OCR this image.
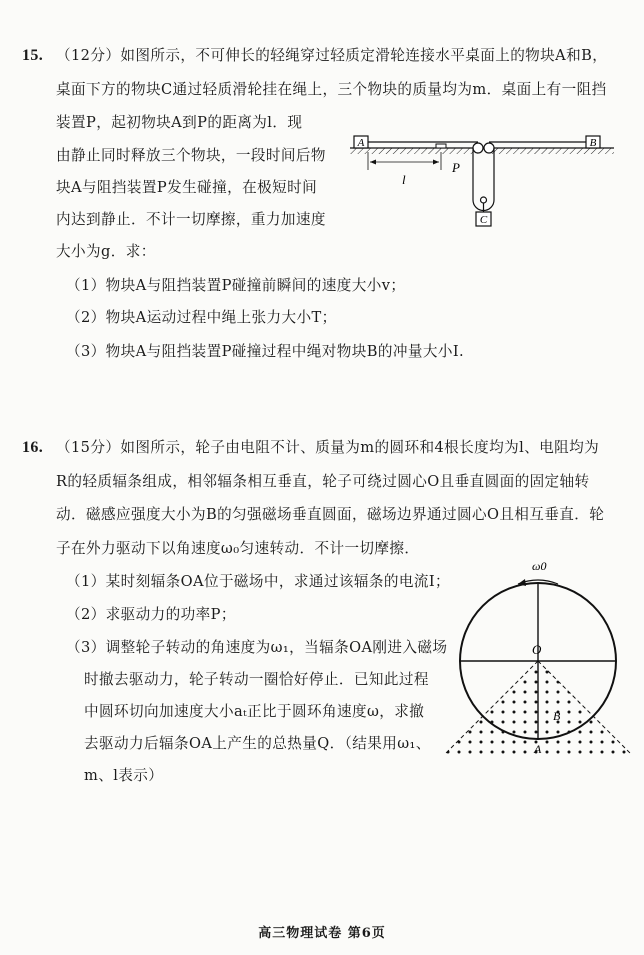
15. （12分）如图所示，不可伸长的轻绳穿过轻质定滑轮连接水平桌面上的物块A和B，
桌面下方的物块C通过轻质滑轮挂在绳上，三个物块的质量均为m．桌面上有一阻挡
装置P，起初物块A到P的距离为l．现
由静止同时释放三个物块，一段时间后物
块A与阻挡装置P发生碰撞，在极短时间
内达到静止．不计一切摩擦，重力加速度
大小为g．求：
（1）物块A与阻挡装置P碰撞前瞬间的速度大小v；
（2）物块A运动过程中绳上张力大小T；
（3）物块A与阻挡装置P碰撞过程中绳对物块B的冲量大小I.
A	B
C
P
l
16. （15分）如图所示，轮子由电阻不计、质量为m的圆环和4根长度均为l、电阻均为
R的轻质辐条组成，相邻辐条相互垂直，轮子可绕过圆心O且垂直圆面的固定轴转
动．磁感应强度大小为B的匀强磁场垂直圆面，磁场边界通过圆心O且相互垂直．轮
子在外力驱动下以角速度ω₀匀速转动．不计一切摩擦．
（1）某时刻辐条OA位于磁场中，求通过该辐条的电流I；
（2）求驱动力的功率P；
（3）调整轮子转动的角速度为ω₁，当辐条OA刚进入磁场
时撤去驱动力，轮子转动一圈恰好停止．已知此过程
中圆环切向加速度大小aₜ正比于圆环角速度ω，求撤
去驱动力后辐条OA上产生的总热量Q．（结果用ω₁、
m、l表示）
ω0
O
A
B
高三物理试卷 第6页
